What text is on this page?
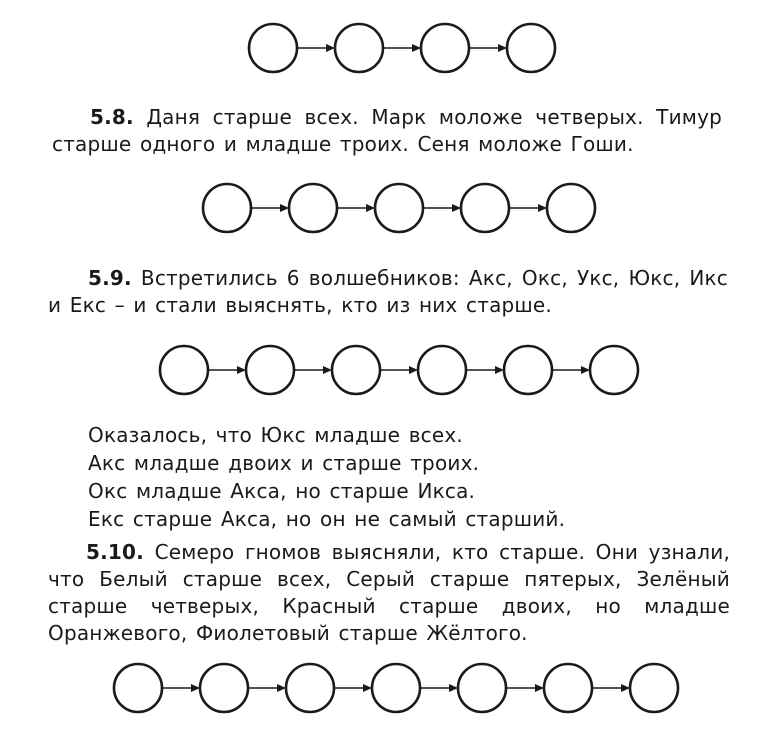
5.8. Даня старше всех. Марк моложе четверых. Тимур старше одного и младше троих. Сеня моложе Гоши.

5.9. Встретились 6 волшебников: Акс, Окс, Укс, Юкс, Икс и Екс – и стали выяснять, кто из них старше.

Оказалось, что Юкс младше всех.
Акс младше двоих и старше троих.
Окс младше Акса, но старше Икса.
Екс старше Акса, но он не самый старший.

5.10. Семеро гномов выясняли, кто старше. Они узнали, что Белый старше всех, Серый старше пятерых, Зелёный старше четверых, Красный старше двоих, но младше Оранжевого, Фиолетовый старше Жёлтого.
